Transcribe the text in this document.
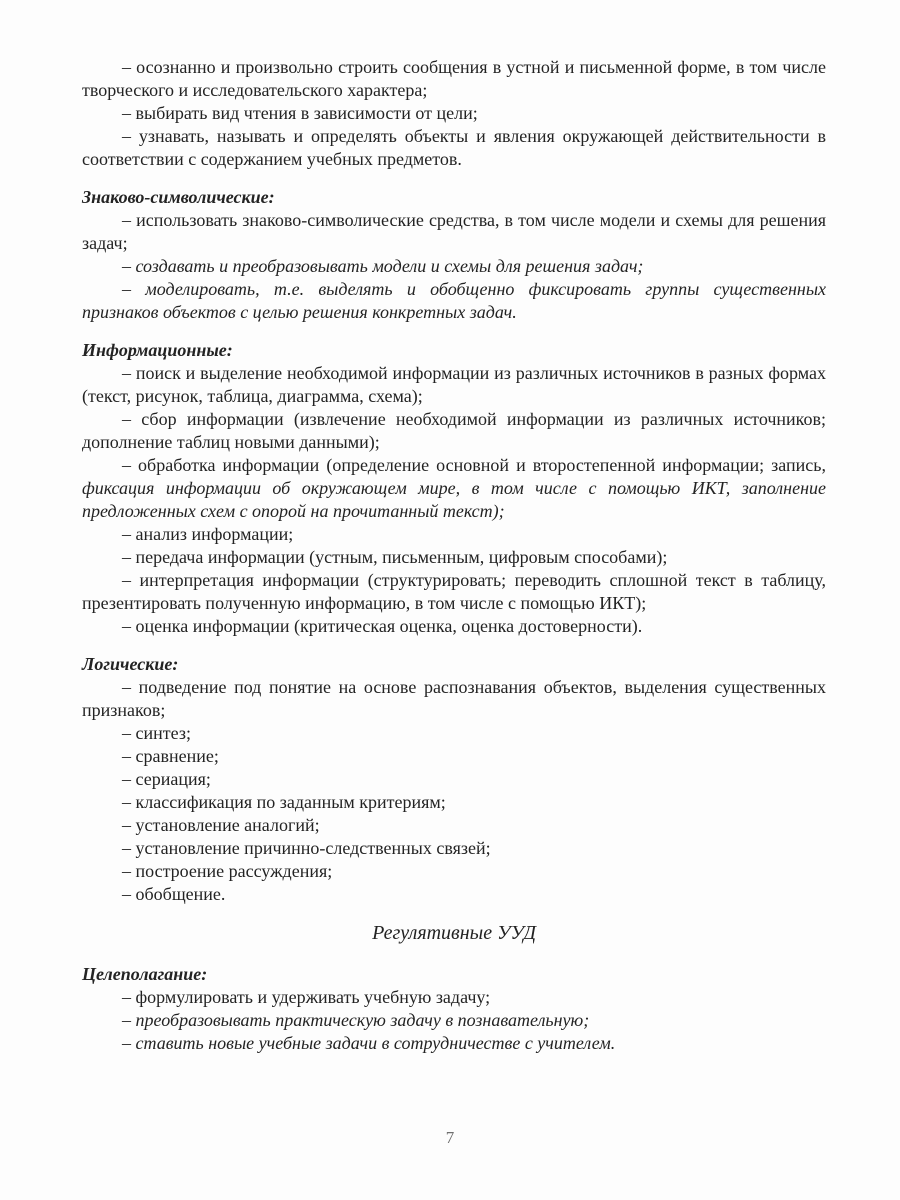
– осознанно и произвольно строить сообщения в устной и письменной форме, в том числе творческого и исследовательского характера;
– выбирать вид чтения в зависимости от цели;
– узнавать, называть и определять объекты и явления окружающей действительности в соответствии с содержанием учебных предметов.
Знаково-символические:
– использовать знаково-символические средства, в том числе модели и схемы для решения задач;
– создавать и преобразовывать модели и схемы для решения задач;
– моделировать, т.е. выделять и обобщенно фиксировать группы существенных признаков объектов с целью решения конкретных задач.
Информационные:
– поиск и выделение необходимой информации из различных источников в разных формах (текст, рисунок, таблица, диаграмма, схема);
– сбор информации (извлечение необходимой информации из различных источников; дополнение таблиц новыми данными);
– обработка информации (определение основной и второстепенной информации; запись, фиксация информации об окружающем мире, в том числе с помощью ИКТ, заполнение предложенных схем с опорой на прочитанный текст);
– анализ информации;
– передача информации (устным, письменным, цифровым способами);
– интерпретация информации (структурировать; переводить сплошной текст в таблицу, презентировать полученную информацию, в том числе с помощью ИКТ);
– оценка информации (критическая оценка, оценка достоверности).
Логические:
– подведение под понятие на основе распознавания объектов, выделения существенных признаков;
– синтез;
– сравнение;
– сериация;
– классификация по заданным критериям;
– установление аналогий;
– установление причинно-следственных связей;
– построение рассуждения;
– обобщение.
Регулятивные УУД
Целеполагание:
– формулировать и удерживать учебную задачу;
– преобразовывать практическую задачу в познавательную;
– ставить новые учебные задачи в сотрудничестве с учителем.
7
